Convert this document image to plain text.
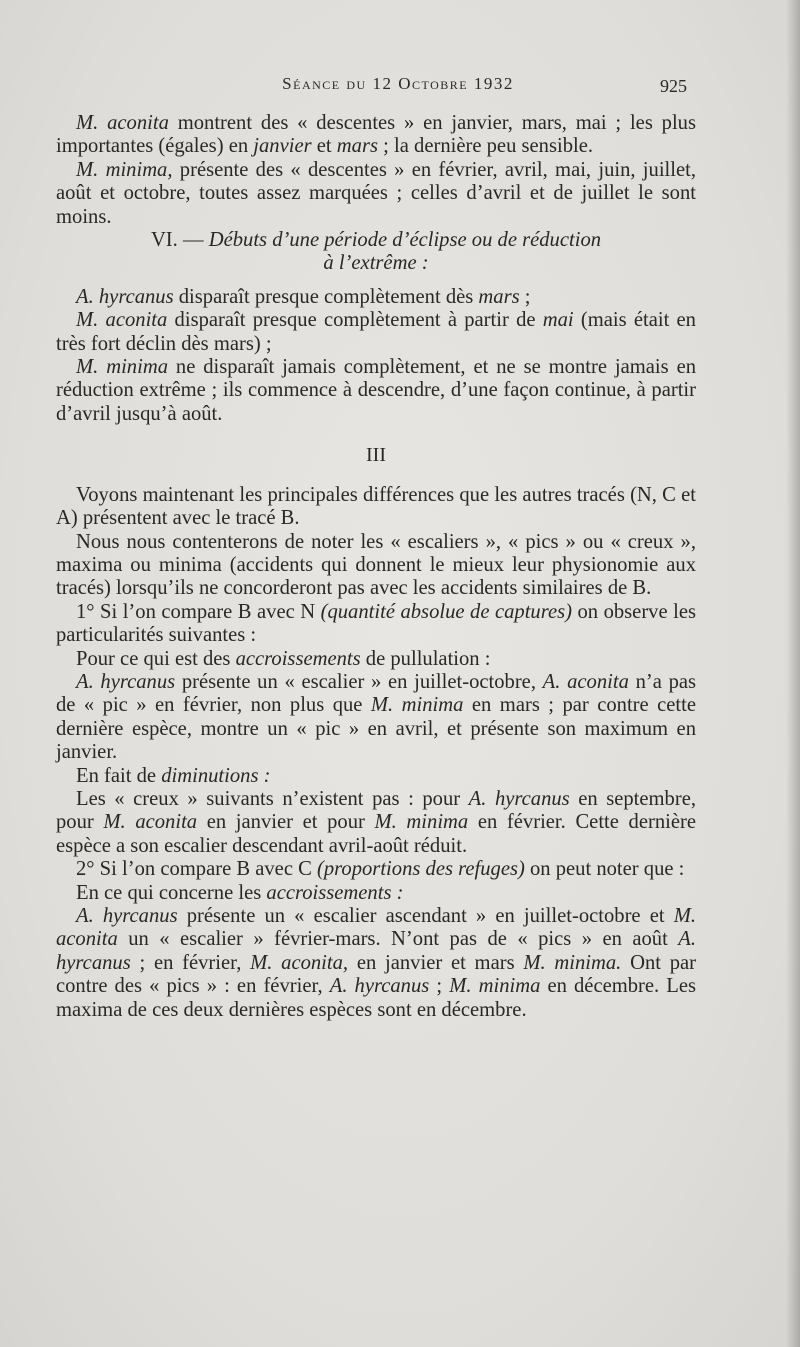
Séance du 12 Octobre 1932	925

M. aconita montrent des « descentes » en janvier, mars, mai ; les plus importantes (égales) en janvier et mars ; la dernière peu sensible.

M. minima, présente des « descentes » en février, avril, mai, juin, juillet, août et octobre, toutes assez marquées ; celles d’avril et de juillet le sont moins.

VI. — Débuts d’une période d’éclipse ou de réduction
à l’extrême :

A. hyrcanus disparaît presque complètement dès mars ;

M. aconita disparaît presque complètement à partir de mai (mais était en très fort déclin dès mars) ;

M. minima ne disparaît jamais complètement, et ne se montre jamais en réduction extrême ; ils commence à descendre, d’une façon continue, à partir d’avril jusqu’à août.

III

Voyons maintenant les principales différences que les autres tracés (N, C et A) présentent avec le tracé B.

Nous nous contenterons de noter les « escaliers », « pics » ou « creux », maxima ou minima (accidents qui donnent le mieux leur physionomie aux tracés) lorsqu’ils ne concorderont pas avec les accidents similaires de B.

1° Si l’on compare B avec N (quantité absolue de captures) on observe les particularités suivantes :

Pour ce qui est des accroissements de pullulation :

A. hyrcanus présente un « escalier » en juillet-octobre, A. aconita n’a pas de « pic » en février, non plus que M. minima en mars ; par contre cette dernière espèce, montre un « pic » en avril, et présente son maximum en janvier.

En fait de diminutions :

Les « creux » suivants n’existent pas : pour A. hyrcanus en septembre, pour M. aconita en janvier et pour M. minima en février. Cette dernière espèce a son escalier descendant avril-août réduit.

2° Si l’on compare B avec C (proportions des refuges) on peut noter que :

En ce qui concerne les accroissements :

A. hyrcanus présente un « escalier ascendant » en juillet-octobre et M. aconita un « escalier » février-mars. N’ont pas de « pics » en août A. hyrcanus ; en février, M. aconita, en janvier et mars M. minima. Ont par contre des « pics » : en février, A. hyrcanus ; M. minima en décembre. Les maxima de ces deux dernières espèces sont en décembre.
